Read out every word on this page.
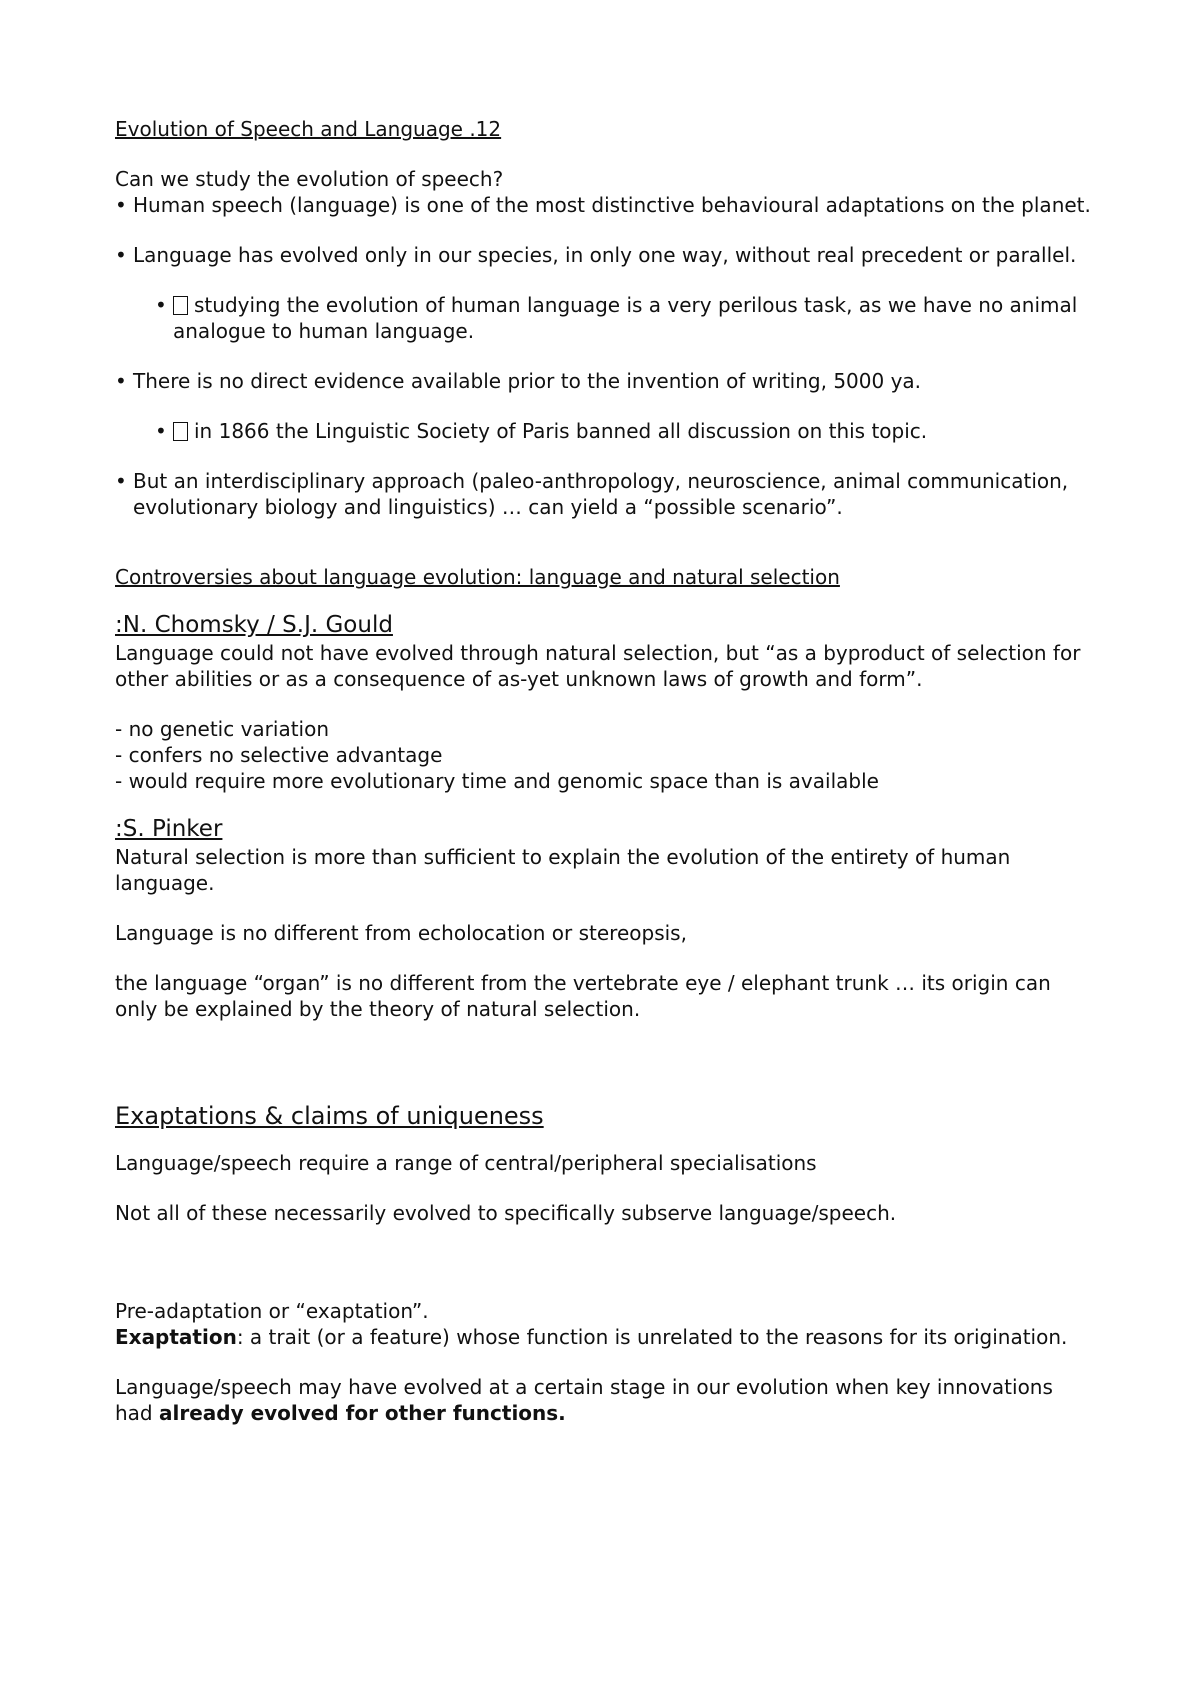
Evolution of Speech and Language .12

Can we study the evolution of speech?

• Human speech (language) is one of the most distinctive behavioural adaptations on the planet.
• Language has evolved only in our species, in only one way, without real precedent or parallel.
•	studying the evolution of human language is a very perilous task, as we have no animal analogue to human language.
• There is no direct evidence available prior to the invention of writing, 5000 ya.
•	in 1866 the Linguistic Society of Paris banned all discussion on this topic.
• But an interdisciplinary approach (paleo-anthropology, neuroscience, animal communication, evolutionary biology and linguistics) … can yield a “possible scenario”.

Controversies about language evolution: language and natural selection

:N. Chomsky / S.J. Gould

Language could not have evolved through natural selection, but “as a byproduct of selection for other abilities or as a consequence of as-yet unknown laws of growth and form”.

- no genetic variation

- confers no selective advantage

- would require more evolutionary time and genomic space than is available

:S. Pinker

Natural selection is more than sufficient to explain the evolution of the entirety of human language.

Language is no different from echolocation or stereopsis,

the language “organ” is no different from the vertebrate eye / elephant trunk … its origin can only be explained by the theory of natural selection.

Exaptations & claims of uniqueness

Language/speech require a range of central/peripheral specialisations

Not all of these necessarily evolved to specifically subserve language/speech.

Pre-adaptation or “exaptation”.

Exaptation: a trait (or a feature) whose function is unrelated to the reasons for its origination.

Language/speech may have evolved at a certain stage in our evolution when key innovations had already evolved for other functions.
